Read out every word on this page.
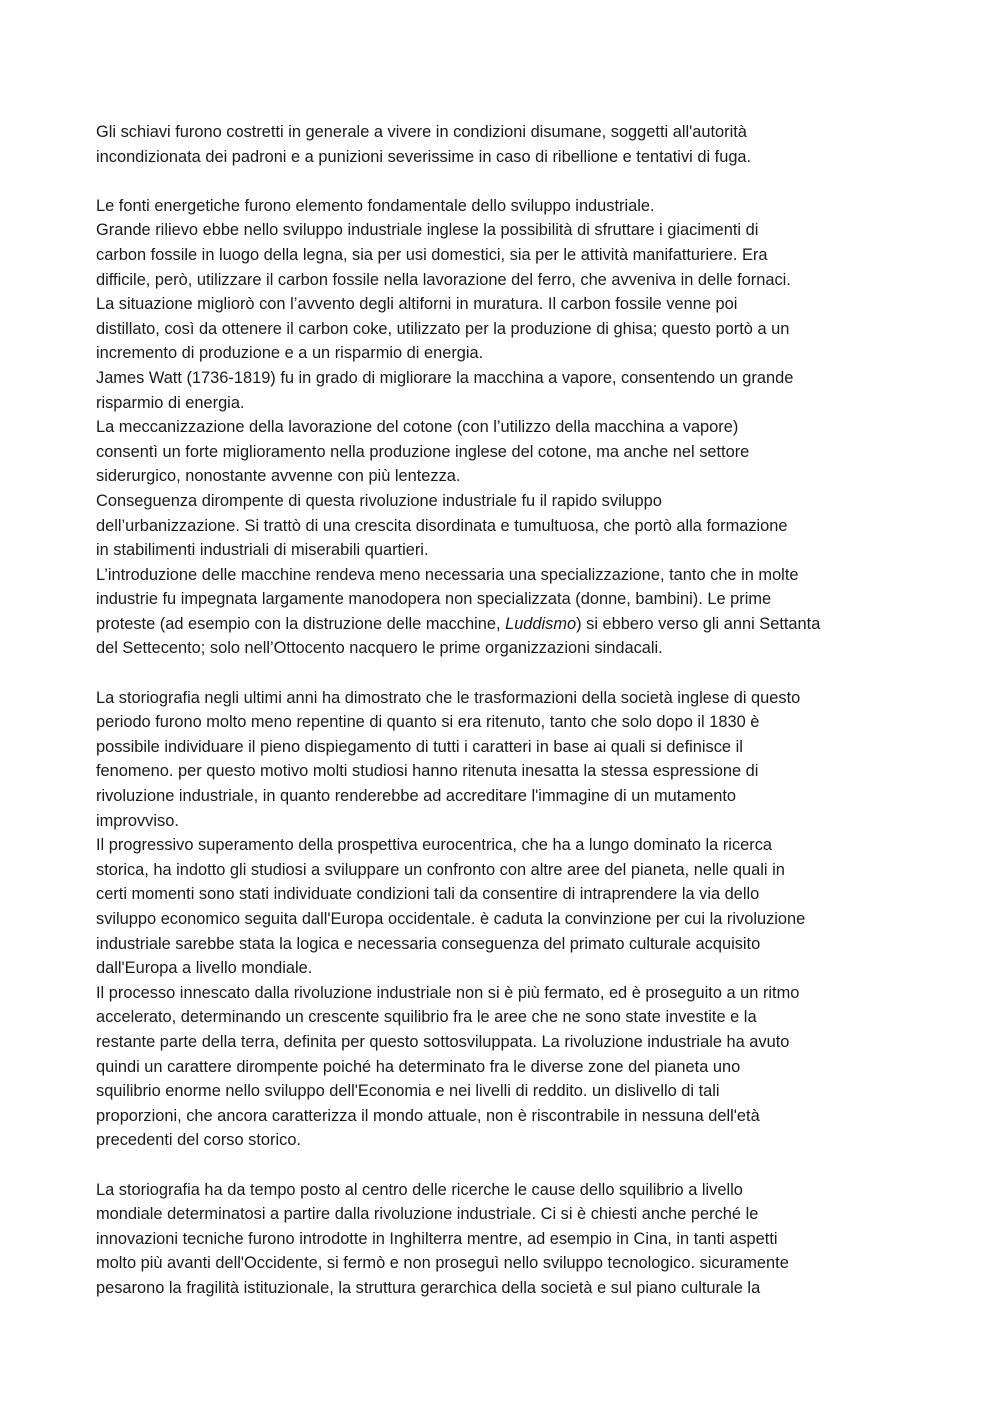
Gli schiavi furono costretti in generale a vivere in condizioni disumane, soggetti all'autorità
incondizionata dei padroni e a punizioni severissime in caso di ribellione e tentativi di fuga.
Le fonti energetiche furono elemento fondamentale dello sviluppo industriale.
Grande rilievo ebbe nello sviluppo industriale inglese la possibilità di sfruttare i giacimenti di
carbon fossile in luogo della legna, sia per usi domestici, sia per le attività manifatturiere. Era
difficile, però, utilizzare il carbon fossile nella lavorazione del ferro, che avveniva in delle fornaci.
La situazione migliorò con l’avvento degli altiforni in muratura. Il carbon fossile venne poi
distillato, così da ottenere il carbon coke, utilizzato per la produzione di ghisa; questo portò a un
incremento di produzione e a un risparmio di energia.
James Watt (1736-1819) fu in grado di migliorare la macchina a vapore, consentendo un grande
risparmio di energia.
La meccanizzazione della lavorazione del cotone (con l’utilizzo della macchina a vapore)
consentì un forte miglioramento nella produzione inglese del cotone, ma anche nel settore
siderurgico, nonostante avvenne con più lentezza.
Conseguenza dirompente di questa rivoluzione industriale fu il rapido sviluppo
dell’urbanizzazione. Si trattò di una crescita disordinata e tumultuosa, che portò alla formazione
in stabilimenti industriali di miserabili quartieri.
L’introduzione delle macchine rendeva meno necessaria una specializzazione, tanto che in molte
industrie fu impegnata largamente manodopera non specializzata (donne, bambini). Le prime
proteste (ad esempio con la distruzione delle macchine, Luddismo) si ebbero verso gli anni Settanta
del Settecento; solo nell’Ottocento nacquero le prime organizzazioni sindacali.
La storiografia negli ultimi anni ha dimostrato che le trasformazioni della società inglese di questo
periodo furono molto meno repentine di quanto si era ritenuto, tanto che solo dopo il 1830 è
possibile individuare il pieno dispiegamento di tutti i caratteri in base ai quali si definisce il
fenomeno. per questo motivo molti studiosi hanno ritenuta inesatta la stessa espressione di
rivoluzione industriale, in quanto renderebbe ad accreditare l'immagine di un mutamento
improvviso.
Il progressivo superamento della prospettiva eurocentrica, che ha a lungo dominato la ricerca
storica, ha indotto gli studiosi a sviluppare un confronto con altre aree del pianeta, nelle quali in
certi momenti sono stati individuate condizioni tali da consentire di intraprendere la via dello
sviluppo economico seguita dall'Europa occidentale. è caduta la convinzione per cui la rivoluzione
industriale sarebbe stata la logica e necessaria conseguenza del primato culturale acquisito
dall'Europa a livello mondiale.
Il processo innescato dalla rivoluzione industriale non si è più fermato, ed è proseguito a un ritmo
accelerato, determinando un crescente squilibrio fra le aree che ne sono state investite e la
restante parte della terra, definita per questo sottosviluppata. La rivoluzione industriale ha avuto
quindi un carattere dirompente poiché ha determinato fra le diverse zone del pianeta uno
squilibrio enorme nello sviluppo dell'Economia e nei livelli di reddito. un dislivello di tali
proporzioni, che ancora caratterizza il mondo attuale, non è riscontrabile in nessuna dell'età
precedenti del corso storico.
La storiografia ha da tempo posto al centro delle ricerche le cause dello squilibrio a livello
mondiale determinatosi a partire dalla rivoluzione industriale. Ci si è chiesti anche perché le
innovazioni tecniche furono introdotte in Inghilterra mentre, ad esempio in Cina, in tanti aspetti
molto più avanti dell'Occidente, si fermò e non proseguì nello sviluppo tecnologico. sicuramente
pesarono la fragilità istituzionale, la struttura gerarchica della società e sul piano culturale la
